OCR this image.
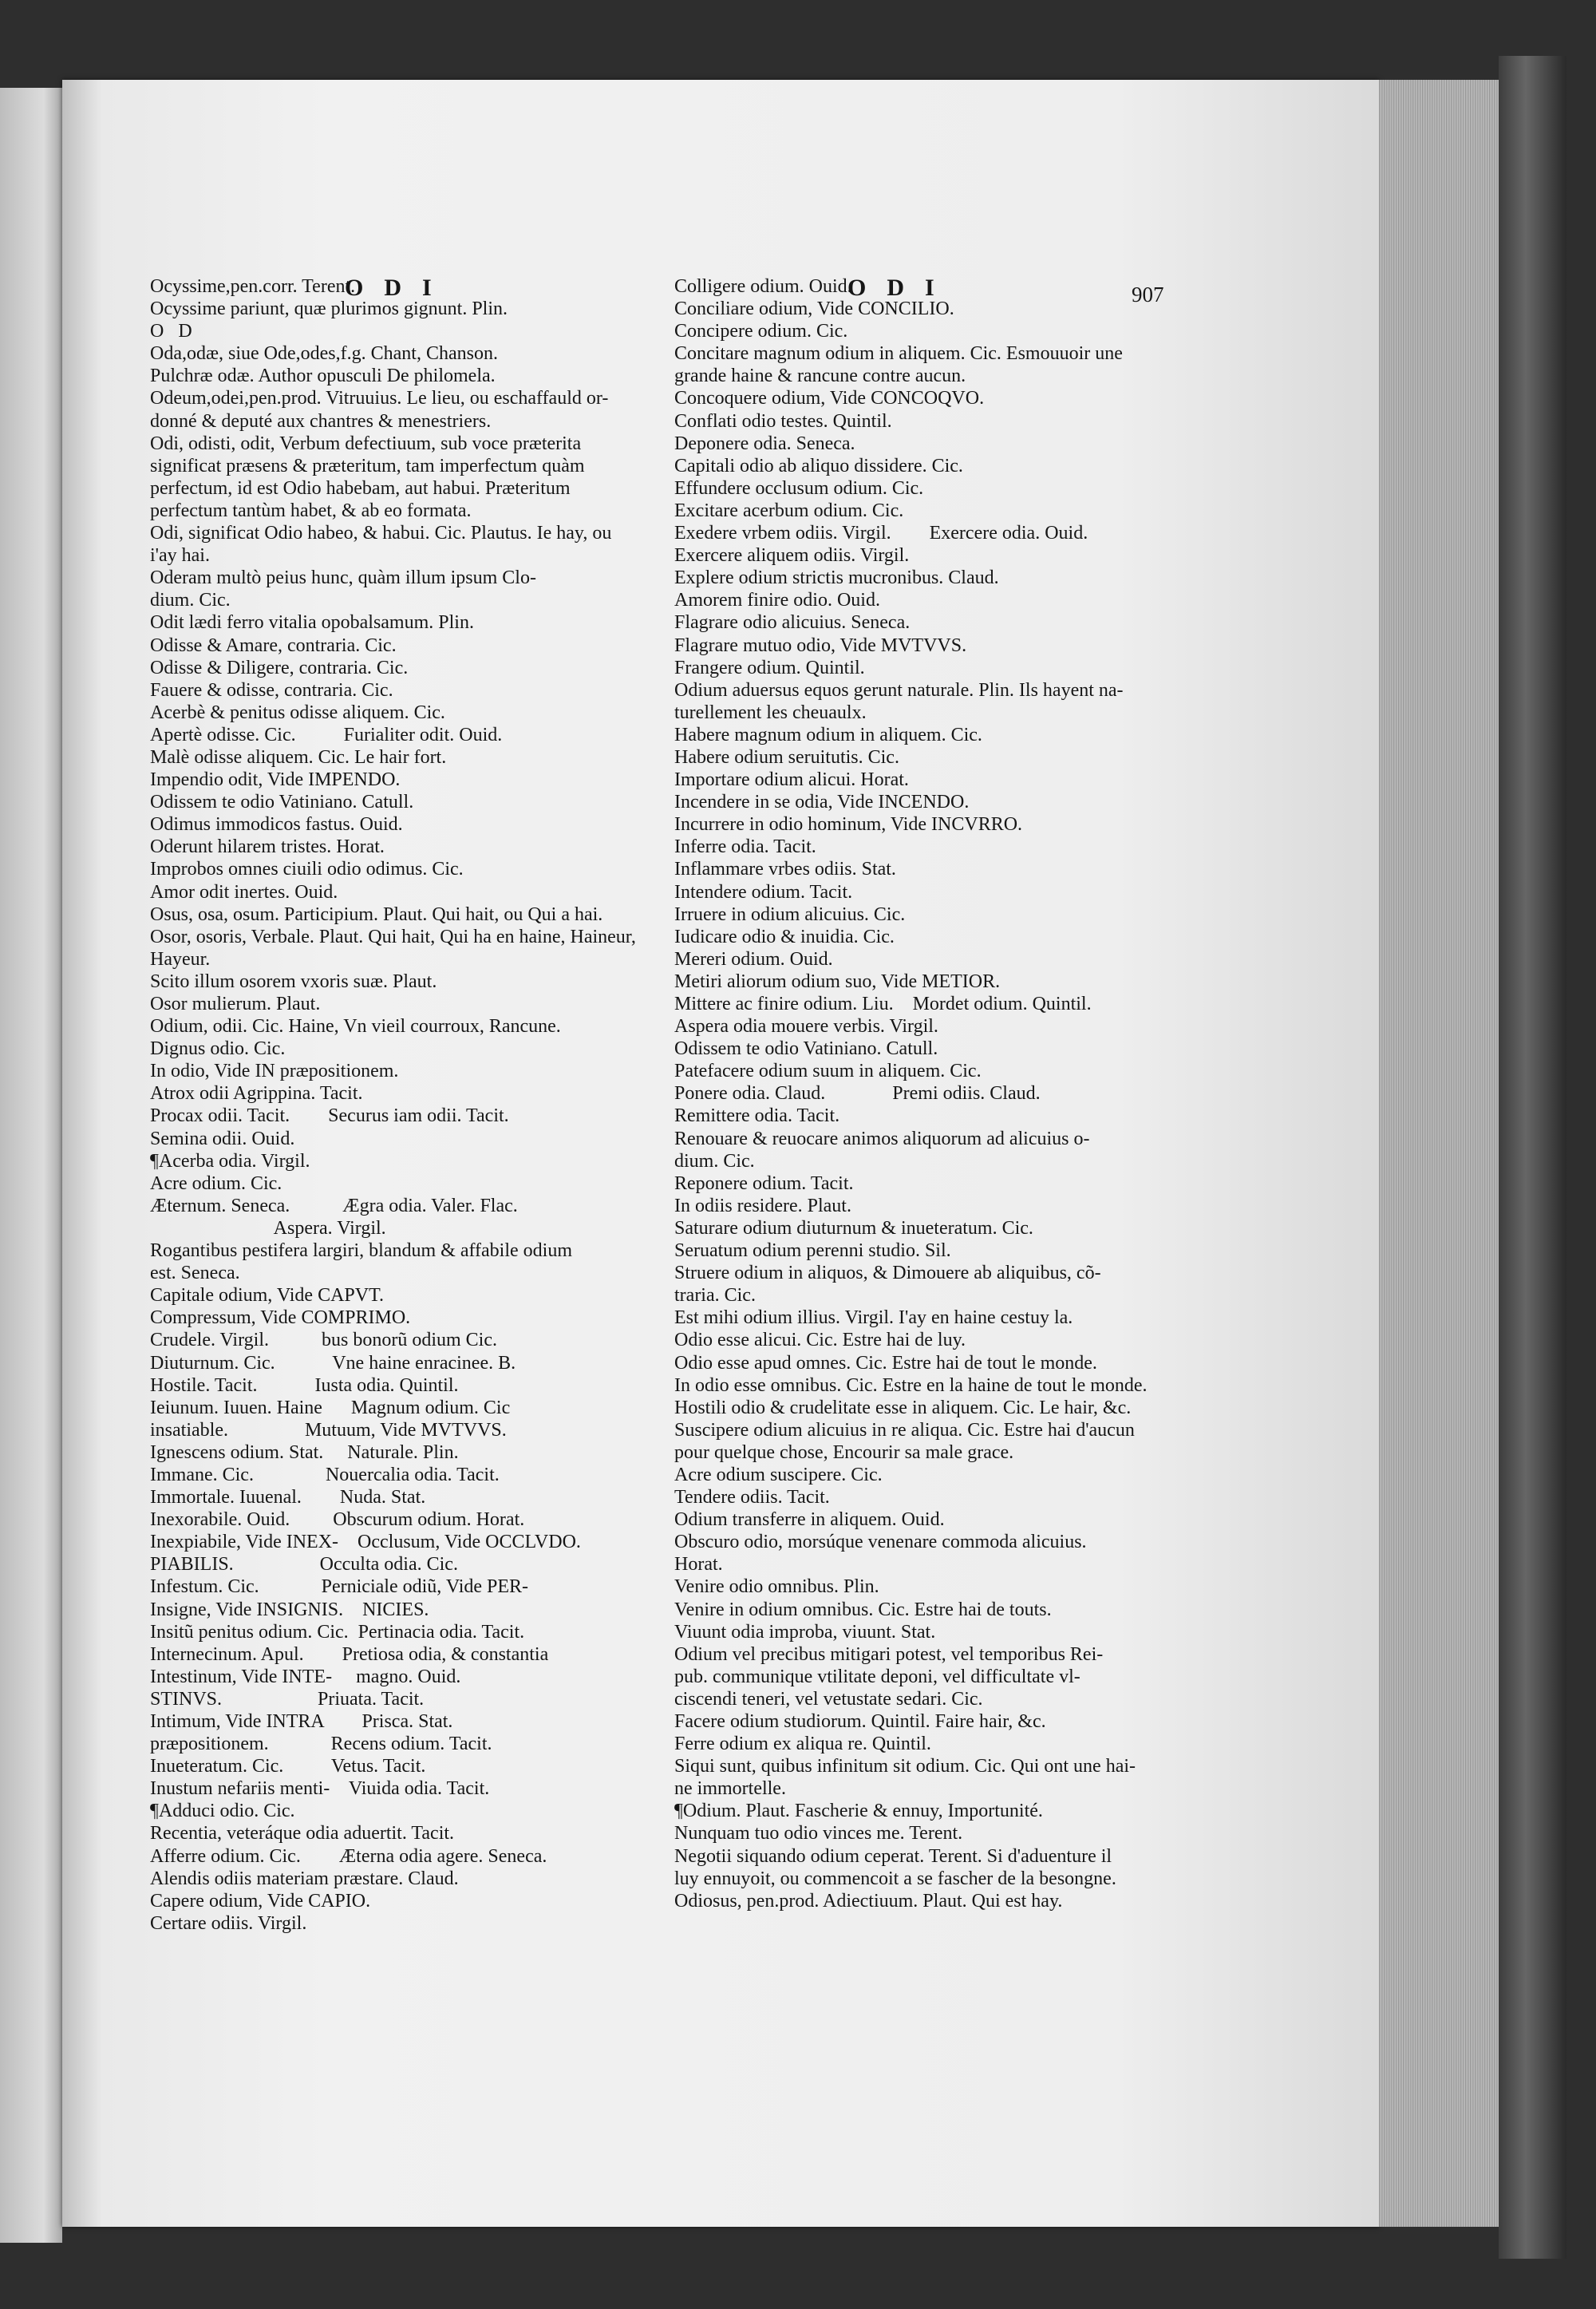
ODI	ODI	907
Ocyssime,pen.corr. Terent.
Ocyssime pariunt, quæ plurimos gignunt. Plin.
O   D
Oda,odæ, siue Ode,odes,f.g. Chant, Chanson.
Pulchræ odæ. Author opusculi De philomela.
Odeum,odei,pen.prod. Vitruuius. Le lieu, ou eschaffauld or-
donné & deputé aux chantres & menestriers.
Odi, odisti, odit, Verbum defectiuum, sub voce præterita
significat præsens & præteritum, tam imperfectum quàm
perfectum, id est Odio habebam, aut habui. Præteritum
perfectum tantùm habet, & ab eo formata.
Odi, significat Odio habeo, & habui. Cic. Plautus. Ie hay, ou
i'ay hai.
Oderam multò peius hunc, quàm illum ipsum Clo-
dium. Cic.
Odit lædi ferro vitalia opobalsamum. Plin.
Odisse & Amare, contraria. Cic.
Odisse & Diligere, contraria. Cic.
Fauere & odisse, contraria. Cic.
Acerbè & penitus odisse aliquem. Cic.
Apertè odisse. Cic.          Furialiter odit. Ouid.
Malè odisse aliquem. Cic. Le hair fort.
Impendio odit, Vide IMPENDO.
Odissem te odio Vatiniano. Catull.
Odimus immodicos fastus. Ouid.
Oderunt hilarem tristes. Horat.
Improbos omnes ciuili odio odimus. Cic.
Amor odit inertes. Ouid.
Osus, osa, osum. Participium. Plaut. Qui hait, ou Qui a hai.
Osor, osoris, Verbale. Plaut. Qui hait, Qui ha en haine, Haineur,
Hayeur.
Scito illum osorem vxoris suæ. Plaut.
Osor mulierum. Plaut.
Odium, odii. Cic. Haine, Vn vieil courroux, Rancune.
Dignus odio. Cic.
In odio, Vide IN præpositionem.
Atrox odii Agrippina. Tacit.
Procax odii. Tacit.        Securus iam odii. Tacit.
Semina odii. Ouid.
¶Acerba odia. Virgil.
Acre odium. Cic.
Æternum. Seneca.           Ægra odia. Valer. Flac.
Aspera. Virgil.
Rogantibus pestifera largiri, blandum & affabile odium
est. Seneca.
Capitale odium, Vide CAPVT.
Compressum, Vide COMPRIMO.
Crudele. Virgil.           bus bonorũ odium Cic.
Diuturnum. Cic.            Vne haine enracinee. B.
Hostile. Tacit.            Iusta odia. Quintil.
Ieiunum. Iuuen. Haine      Magnum odium. Cic
insatiable.                Mutuum, Vide MVTVVS.
Ignescens odium. Stat.     Naturale. Plin.
Immane. Cic.               Nouercalia odia. Tacit.
Immortale. Iuuenal.        Nuda. Stat.
Inexorabile. Ouid.         Obscurum odium. Horat.
Inexpiabile, Vide INEX-    Occlusum, Vide OCCLVDO.
PIABILIS.                  Occulta odia. Cic.
Infestum. Cic.             Perniciale odiũ, Vide PER-
Insigne, Vide INSIGNIS.    NICIES.
Insitũ penitus odium. Cic.  Pertinacia odia. Tacit.
Internecinum. Apul.        Pretiosa odia, & constantia
Intestinum, Vide INTE-     magno. Ouid.
STINVS.                    Priuata. Tacit.
Intimum, Vide INTRA        Prisca. Stat.
præpositionem.             Recens odium. Tacit.
Inueteratum. Cic.          Vetus. Tacit.
Inustum nefariis menti-    Viuida odia. Tacit.
¶Adduci odio. Cic.
Recentia, veteráque odia aduertit. Tacit.
Afferre odium. Cic.        Æterna odia agere. Seneca.
Alendis odiis materiam præstare. Claud.
Capere odium, Vide CAPIO.
Certare odiis. Virgil.
Colligere odium. Ouid.
Conciliare odium, Vide CONCILIO.
Concipere odium. Cic.
Concitare magnum odium in aliquem. Cic. Esmouuoir une
grande haine & rancune contre aucun.
Concoquere odium, Vide CONCOQVO.
Conflati odio testes. Quintil.
Deponere odia. Seneca.
Capitali odio ab aliquo dissidere. Cic.
Effundere occlusum odium. Cic.
Excitare acerbum odium. Cic.
Exedere vrbem odiis. Virgil.        Exercere odia. Ouid.
Exercere aliquem odiis. Virgil.
Explere odium strictis mucronibus. Claud.
Amorem finire odio. Ouid.
Flagrare odio alicuius. Seneca.
Flagrare mutuo odio, Vide MVTVVS.
Frangere odium. Quintil.
Odium aduersus equos gerunt naturale. Plin. Ils hayent na-
turellement les cheuaulx.
Habere magnum odium in aliquem. Cic.
Habere odium seruitutis. Cic.
Importare odium alicui. Horat.
Incendere in se odia, Vide INCENDO.
Incurrere in odio hominum, Vide INCVRRO.
Inferre odia. Tacit.
Inflammare vrbes odiis. Stat.
Intendere odium. Tacit.
Irruere in odium alicuius. Cic.
Iudicare odio & inuidia. Cic.
Mereri odium. Ouid.
Metiri aliorum odium suo, Vide METIOR.
Mittere ac finire odium. Liu.    Mordet odium. Quintil.
Aspera odia mouere verbis. Virgil.
Odissem te odio Vatiniano. Catull.
Patefacere odium suum in aliquem. Cic.
Ponere odia. Claud.              Premi odiis. Claud.
Remittere odia. Tacit.
Renouare & reuocare animos aliquorum ad alicuius o-
dium. Cic.
Reponere odium. Tacit.
In odiis residere. Plaut.
Saturare odium diuturnum & inueteratum. Cic.
Seruatum odium perenni studio. Sil.
Struere odium in aliquos, & Dimouere ab aliquibus, cõ-
traria. Cic.
Est mihi odium illius. Virgil. I'ay en haine cestuy la.
Odio esse alicui. Cic. Estre hai de luy.
Odio esse apud omnes. Cic. Estre hai de tout le monde.
In odio esse omnibus. Cic. Estre en la haine de tout le monde.
Hostili odio & crudelitate esse in aliquem. Cic. Le hair, &c.
Suscipere odium alicuius in re aliqua. Cic. Estre hai d'aucun
pour quelque chose, Encourir sa male grace.
Acre odium suscipere. Cic.
Tendere odiis. Tacit.
Odium transferre in aliquem. Ouid.
Obscuro odio, morsúque venenare commoda alicuius.
Horat.
Venire odio omnibus. Plin.
Venire in odium omnibus. Cic. Estre hai de touts.
Viuunt odia improba, viuunt. Stat.
Odium vel precibus mitigari potest, vel temporibus Rei-
pub. communique vtilitate deponi, vel difficultate vl-
ciscendi teneri, vel vetustate sedari. Cic.
Facere odium studiorum. Quintil. Faire hair, &c.
Ferre odium ex aliqua re. Quintil.
Siqui sunt, quibus infinitum sit odium. Cic. Qui ont une hai-
ne immortelle.
¶Odium. Plaut. Fascherie & ennuy, Importunité.
Nunquam tuo odio vinces me. Terent.
Negotii siquando odium ceperat. Terent. Si d'aduenture il
luy ennuyoit, ou commencoit a se fascher de la besongne.
Odiosus, pen.prod. Adiectiuum. Plaut. Qui est hay.
